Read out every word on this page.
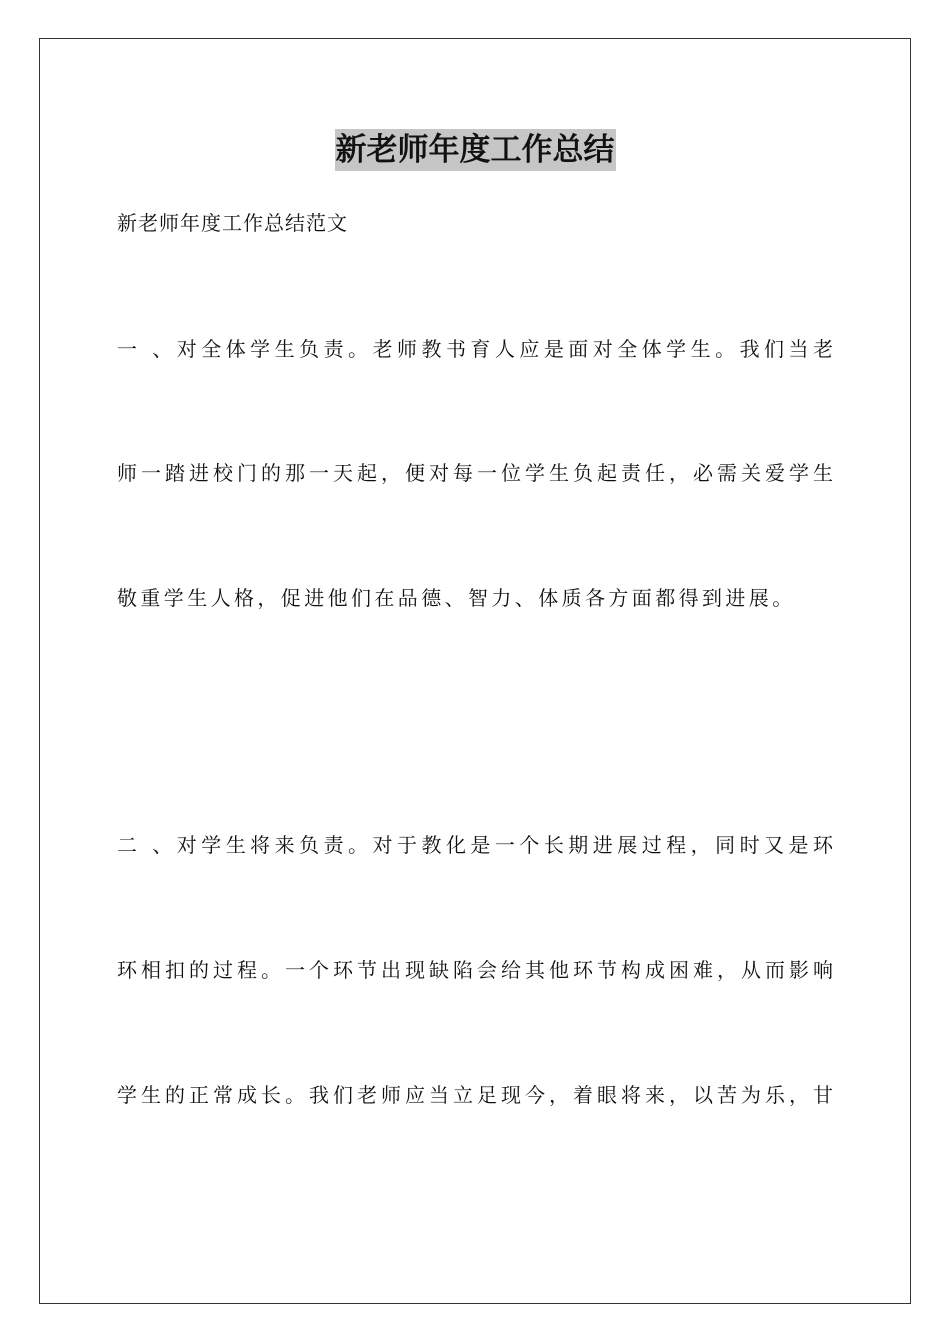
新老师年度工作总结

新老师年度工作总结范文

一 、对全体学生负责。老师教书育人应是面对全体学生。我们当老

师一踏进校门的那一天起，便对每一位学生负起责任，必需关爱学生

敬重学生人格，促进他们在品德、智力、体质各方面都得到进展。

二 、对学生将来负责。对于教化是一个长期进展过程，同时又是环

环相扣的过程。一个环节出现缺陷会给其他环节构成困难，从而影响

学生的正常成长。我们老师应当立足现今，着眼将来，以苦为乐，甘
